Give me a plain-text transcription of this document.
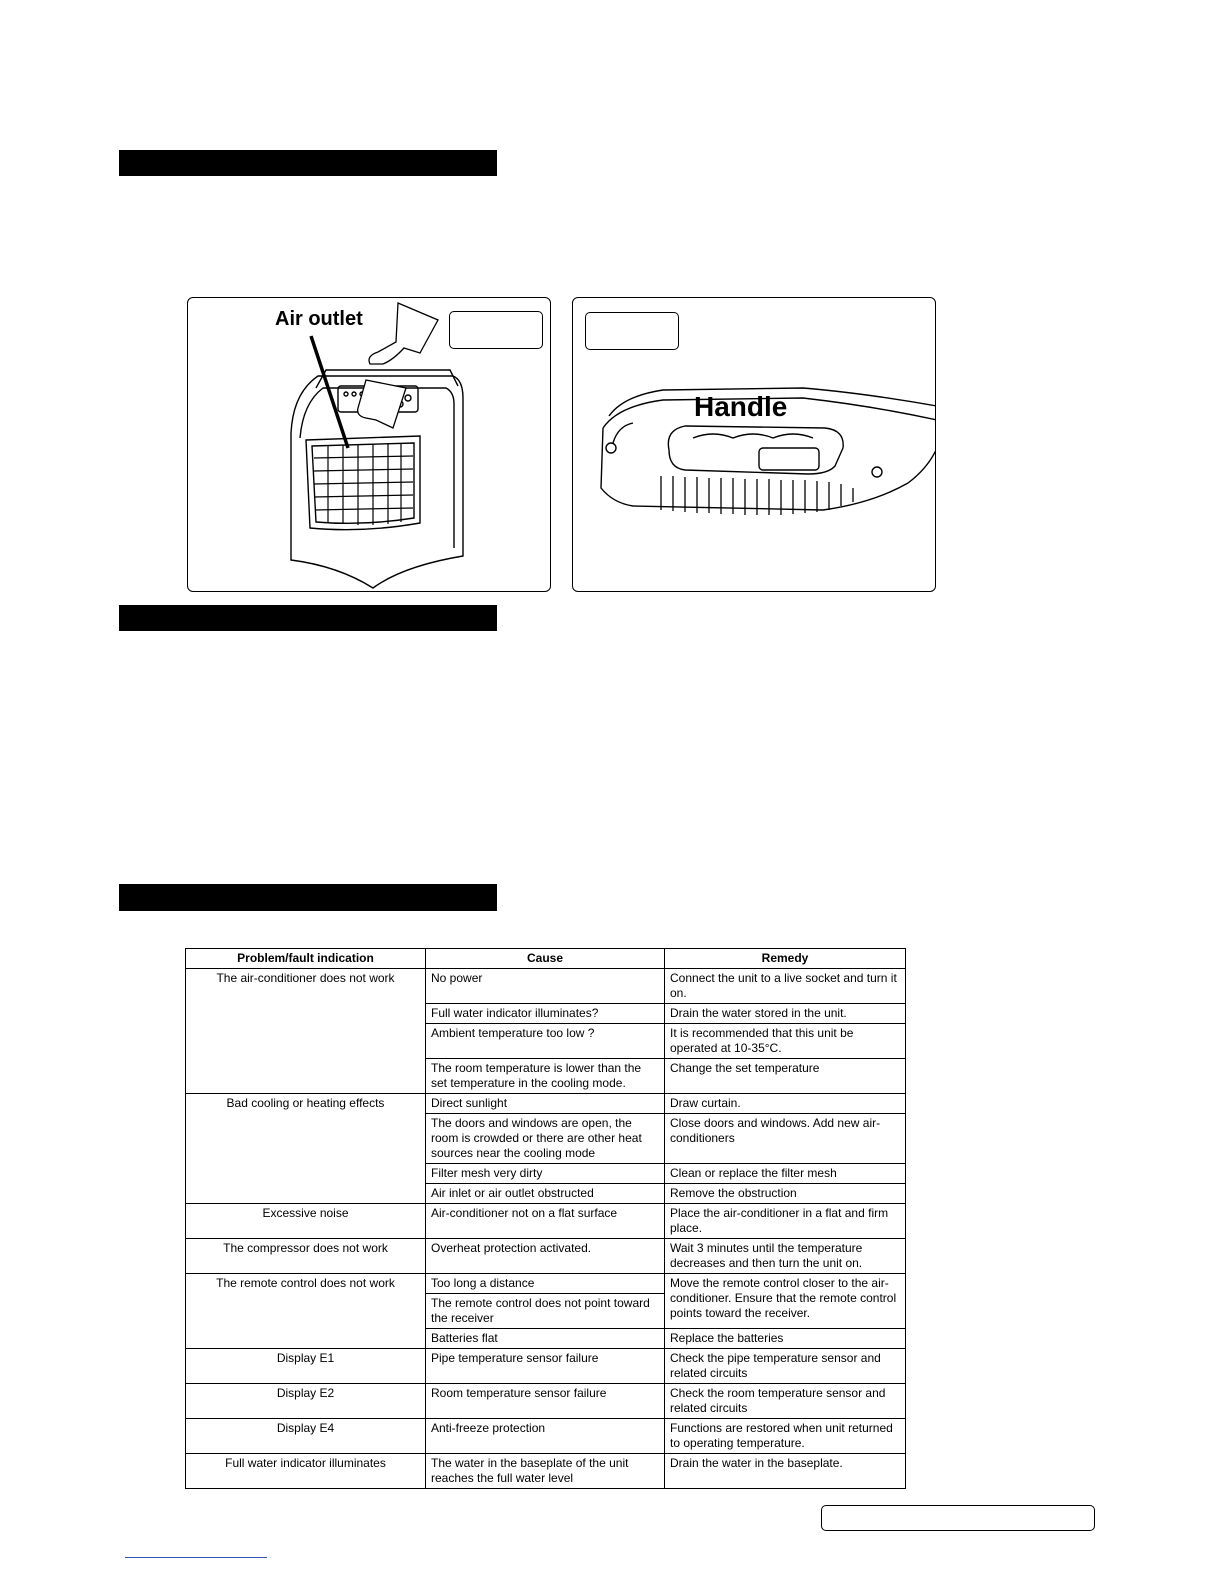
Air outlet
Handle
Problem/fault indication	Cause	Remedy
The air-conditioner does not work	No power	Connect the unit to a live socket and turn it on.
	Full water indicator illuminates?	Drain the water stored in the unit.
	Ambient temperature too low ?	It is recommended that this unit be operated at 10-35°C.
	The room temperature is lower than the set temperature in the cooling mode.	Change the set temperature
Bad cooling or heating effects	Direct sunlight	Draw curtain.
	The doors and windows are open, the room is crowded or there are other heat sources near the cooling mode	Close doors and windows. Add new air-conditioners
	Filter mesh very dirty	Clean or replace the filter mesh
	Air inlet or air outlet obstructed	Remove the obstruction
Excessive noise	Air-conditioner not on a flat surface	Place the air-conditioner in a flat and firm place.
The compressor does not work	Overheat protection activated.	Wait 3 minutes until the temperature decreases and then turn the unit on.
The remote control does not work	Too long a distance	Move the remote control closer to the air-conditioner. Ensure that the remote control points toward the receiver.
	The remote control does not point toward the receiver	
	Batteries flat	Replace the batteries
Display E1	Pipe temperature sensor failure	Check the pipe temperature sensor and related circuits
Display E2	Room temperature sensor failure	Check the room temperature sensor and related circuits
Display E4	Anti-freeze protection	Functions are restored when unit returned to operating temperature.
Full water indicator illuminates	The water in the baseplate of the unit reaches the full water level	Drain the water in the baseplate.
